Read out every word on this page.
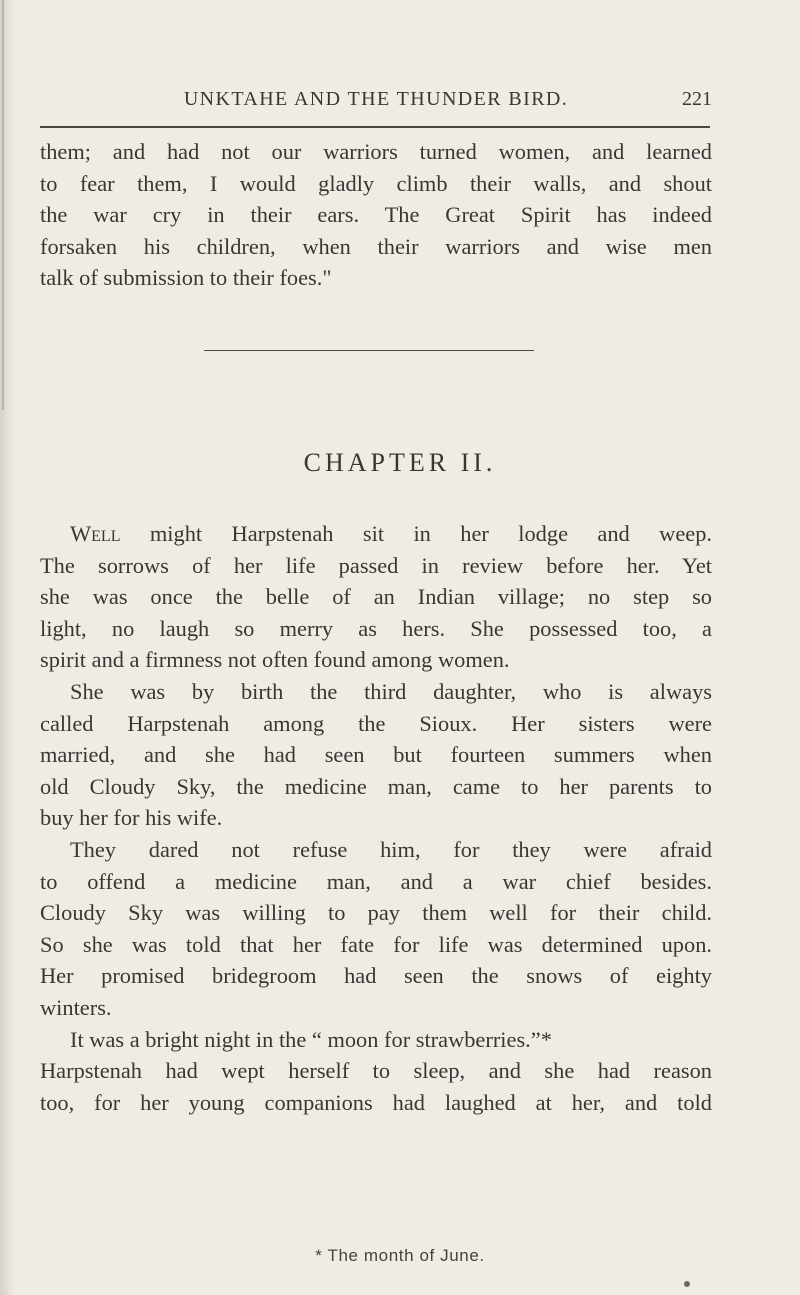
UNKTAHE AND THE THUNDER BIRD.	221
them; and had not our warriors turned women, and learned
to fear them, I would gladly climb their walls, and shout
the war cry in their ears. The Great Spirit has indeed
forsaken his children, when their warriors and wise men
talk of submission to their foes."
CHAPTER II.
Well might Harpstenah sit in her lodge and weep.
The sorrows of her life passed in review before her. Yet
she was once the belle of an Indian village; no step so
light, no laugh so merry as hers. She possessed too, a
spirit and a firmness not often found among women.
She was by birth the third daughter, who is always
called Harpstenah among the Sioux. Her sisters were
married, and she had seen but fourteen summers when
old Cloudy Sky, the medicine man, came to her parents to
buy her for his wife.
They dared not refuse him, for they were afraid
to offend a medicine man, and a war chief besides.
Cloudy Sky was willing to pay them well for their child.
So she was told that her fate for life was determined upon.
Her promised bridegroom had seen the snows of eighty
winters.
It was a bright night in the “ moon for strawberries.”*
Harpstenah had wept herself to sleep, and she had reason
too, for her young companions had laughed at her, and told
* The month of June.
